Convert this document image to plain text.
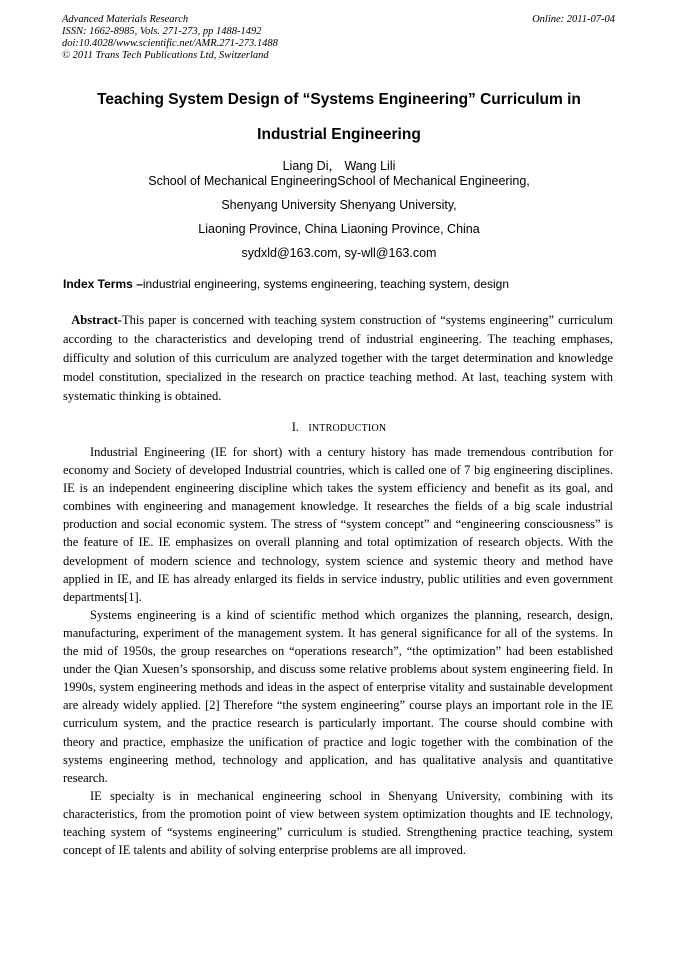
Advanced Materials Research
ISSN: 1662-8985, Vols. 271-273, pp 1488-1492
doi:10.4028/www.scientific.net/AMR.271-273.1488
© 2011 Trans Tech Publications Ltd, Switzerland
Online: 2011-07-04
Teaching System Design of “Systems Engineering” Curriculum in
Industrial Engineering
Liang Di， Wang Lili
School of Mechanical EngineeringSchool of Mechanical Engineering,
Shenyang University Shenyang University,
Liaoning Province, China Liaoning Province, China
sydxld@163.com, sy-wll@163.com
Index Terms –industrial engineering, systems engineering, teaching system, design

Abstract-This paper is concerned with teaching system construction of “systems engineering” curriculum according to the characteristics and developing trend of industrial engineering. The teaching emphases, difficulty and solution of this curriculum are analyzed together with the target determination and knowledge model constitution, specialized in the research on practice teaching method. At last, teaching system with systematic thinking is obtained.

I. INTRODUCTION

Industrial Engineering (IE for short) with a century history has made tremendous contribution for economy and Society of developed Industrial countries, which is called one of 7 big engineering disciplines. IE is an independent engineering discipline which takes the system efficiency and benefit as its goal, and combines with engineering and management knowledge. It researches the fields of a big scale industrial production and social economic system. The stress of “system concept” and “engineering consciousness” is the feature of IE. IE emphasizes on overall planning and total optimization of research objects. With the development of modern science and technology, system science and systemic theory and method have applied in IE, and IE has already enlarged its fields in service industry, public utilities and even government departments[1].

Systems engineering is a kind of scientific method which organizes the planning, research, design, manufacturing, experiment of the management system. It has general significance for all of the systems. In the mid of 1950s, the group researches on “operations research”, “the optimization” had been established under the Qian Xuesen’s sponsorship, and discuss some relative problems about system engineering field. In 1990s, system engineering methods and ideas in the aspect of enterprise vitality and sustainable development are already widely applied. [2] Therefore “the system engineering” course plays an important role in the IE curriculum system, and the practice research is particularly important. The course should combine with theory and practice, emphasize the unification of practice and logic together with the combination of the systems engineering method, technology and application, and has qualitative analysis and quantitative research.

IE specialty is in mechanical engineering school in Shenyang University, combining with its characteristics, from the promotion point of view between system optimization thoughts and IE technology, teaching system of “systems engineering” curriculum is studied. Strengthening practice teaching, system concept of IE talents and ability of solving enterprise problems are all improved.
